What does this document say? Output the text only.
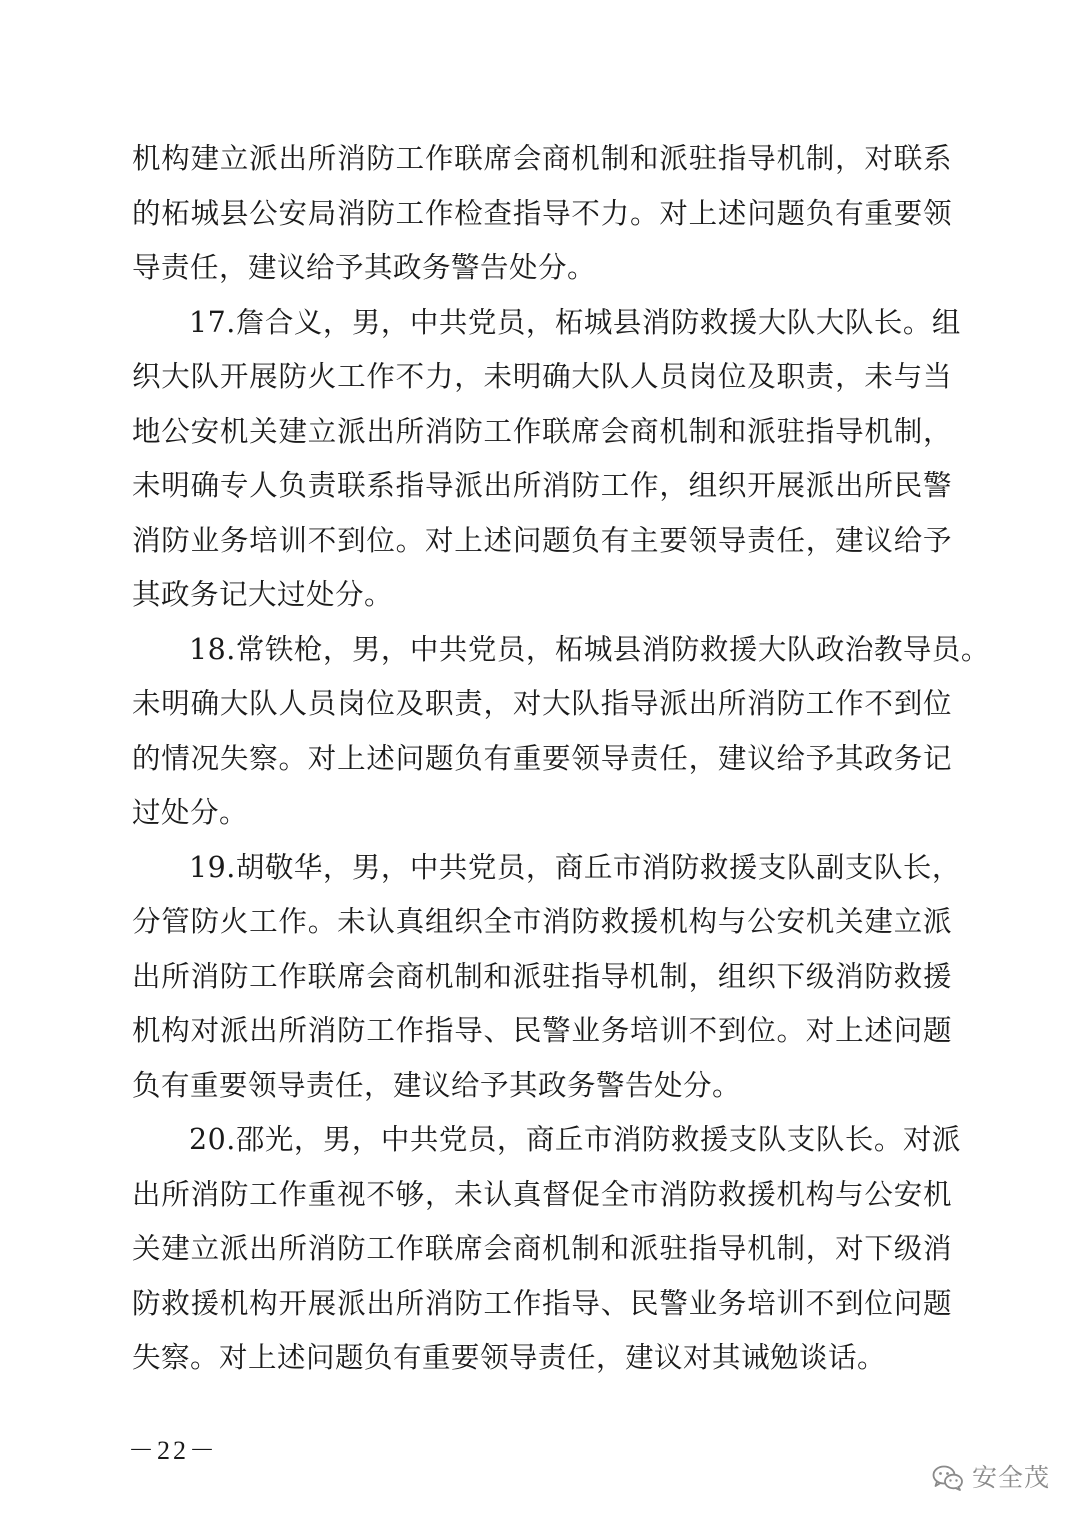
机构建立派出所消防工作联席会商机制和派驻指导机制，对联系
的柘城县公安局消防工作检查指导不力。对上述问题负有重要领
导责任，建议给予其政务警告处分。
17.詹合义，男，中共党员，柘城县消防救援大队大队长。组
织大队开展防火工作不力，未明确大队人员岗位及职责，未与当
地公安机关建立派出所消防工作联席会商机制和派驻指导机制，
未明确专人负责联系指导派出所消防工作，组织开展派出所民警
消防业务培训不到位。对上述问题负有主要领导责任，建议给予
其政务记大过处分。
18.常铁枪，男，中共党员，柘城县消防救援大队政治教导员。
未明确大队人员岗位及职责，对大队指导派出所消防工作不到位
的情况失察。对上述问题负有重要领导责任，建议给予其政务记
过处分。
19.胡敬华，男，中共党员，商丘市消防救援支队副支队长，
分管防火工作。未认真组织全市消防救援机构与公安机关建立派
出所消防工作联席会商机制和派驻指导机制，组织下级消防救援
机构对派出所消防工作指导、民警业务培训不到位。对上述问题
负有重要领导责任，建议给予其政务警告处分。
20.邵光，男，中共党员，商丘市消防救援支队支队长。对派
出所消防工作重视不够，未认真督促全市消防救援机构与公安机
关建立派出所消防工作联席会商机制和派驻指导机制，对下级消
防救援机构开展派出所消防工作指导、民警业务培训不到位问题
失察。对上述问题负有重要领导责任，建议对其诫勉谈话。
－22－
安全茂
